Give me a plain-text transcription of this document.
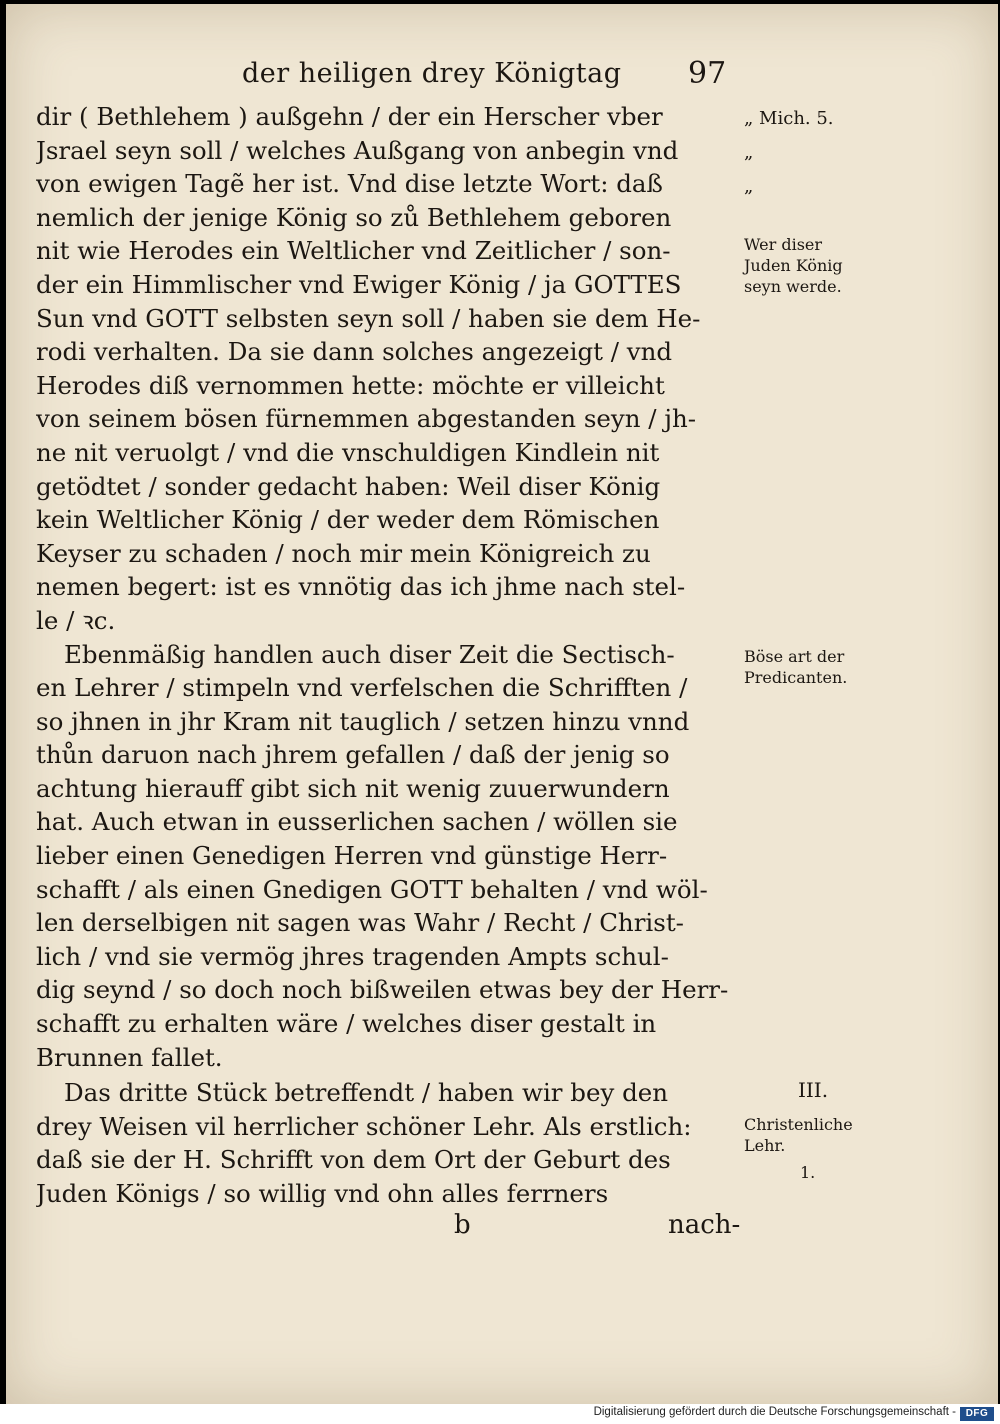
der heiligen drey Königtag 97
dir ( Bethlehem ) außgehn / der ein Herscher vber
Jsrael seyn soll / welches Außgang von anbegin vnd
von ewigen Tagẽ her ist. Vnd dise letzte Wort: daß
nemlich der jenige König so zů Bethlehem geboren
nit wie Herodes ein Weltlicher vnd Zeitlicher / son-
der ein Himmlischer vnd Ewiger König / ja GOTTES
Sun vnd GOTT selbsten seyn soll / haben sie dem He-
rodi verhalten. Da sie dann solches angezeigt / vnd
Herodes diß vernommen hette: möchte er villeicht
von seinem bösen fürnemmen abgestanden seyn / jh-
ne nit veruolgt / vnd die vnschuldigen Kindlein nit
getödtet / sonder gedacht haben: Weil diser König
kein Weltlicher König / der weder dem Römischen
Keyser zu schaden / noch mir mein Königreich zu
nemen begert: ist es vnnötig das ich jhme nach stel-
le / ꝛc.
Ebenmäßig handlen auch diser Zeit die Sectisch-
en Lehrer / stimpeln vnd verfelschen die Schrifften /
so jhnen in jhr Kram nit tauglich / setzen hinzu vnnd
thůn daruon nach jhrem gefallen / daß der jenig so
achtung hierauff gibt sich nit wenig zuuerwundern
hat. Auch etwan in eusserlichen sachen / wöllen sie
lieber einen Genedigen Herren vnd günstige Herr-
schafft / als einen Gnedigen GOTT behalten / vnd wöl-
len derselbigen nit sagen was Wahr / Recht / Christ-
lich / vnd sie vermög jhres tragenden Ampts schul-
dig seynd / so doch noch bißweilen etwas bey der Herr-
schafft zu erhalten wäre / welches diser gestalt in
Brunnen fallet.
Das dritte Stück betreffendt / haben wir bey den
drey Weisen vil herrlicher schöner Lehr. Als erstlich:
daß sie der H. Schrifft von dem Ort der Geburt des
Juden Königs / so willig vnd ohn alles ferrners
„ Mich. 5.
„
„
Wer diser
Juden König
seyn werde.
Böse art der
Predicanten.
III.
Christenliche
Lehr.
1.
b	nach-
Digitalisierung gefördert durch die Deutsche Forschungsgemeinschaft - DFG
